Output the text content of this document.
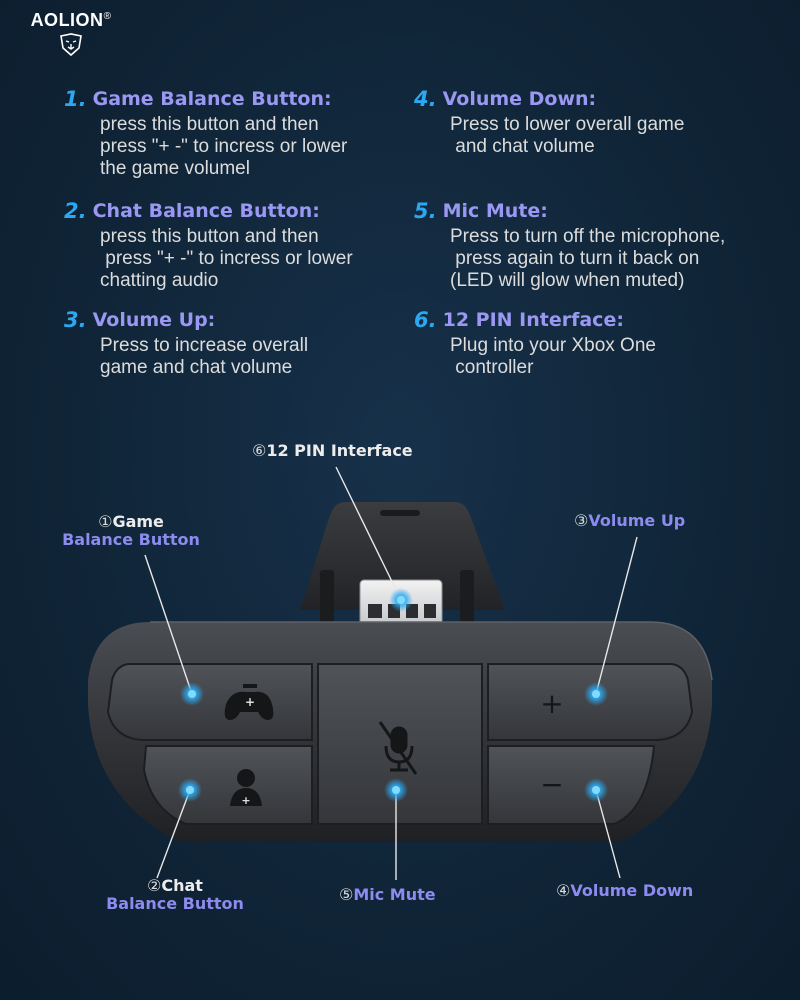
AOLION®
1. Game Balance Button:
press this button and then
press "+ -" to incress or lower
the game volumel
2. Chat Balance Button:
press this button and then
press "+ -" to incress or lower
chatting audio
3. Volume Up:
Press to increase overall
game and chat volume
4. Volume Down:
Press to lower overall game
and chat volume
5. Mic Mute:
Press to turn off the microphone,
press again to turn it back on
(LED will glow when muted)
6. 12 PIN Interface:
Plug into your Xbox One
controller
+
+
+
−
⑥12 PIN Interface
①Game
Balance Button
③Volume Up
②Chat
Balance Button	⑤Mic Mute	④Volume Down
